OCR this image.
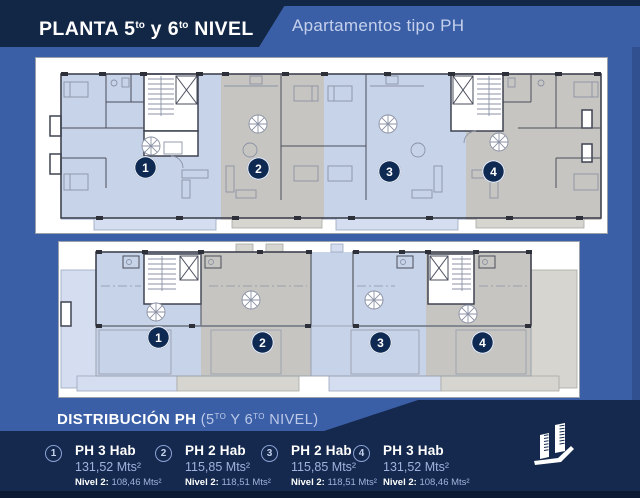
PLANTA $5^{to}$ y $6^{to}$ NIVEL Apartamentos tipo PH
1	2	3	4
1	2	3	4
DISTRIBUCIÓN PH ($5^{TO}$ Y $6^{TO}$ NIVEL)
1	PH 3 Hab
131,52 Mts²
Nivel 2: 108,46 Mts²
2	PH 2 Hab
115,85 Mts²
Nivel 2: 118,51 Mts²
3	PH 2 Hab
115,85 Mts²
Nivel 2: 118,51 Mts²
4	PH 3 Hab
131,52 Mts²
Nivel 2: 108,46 Mts²
